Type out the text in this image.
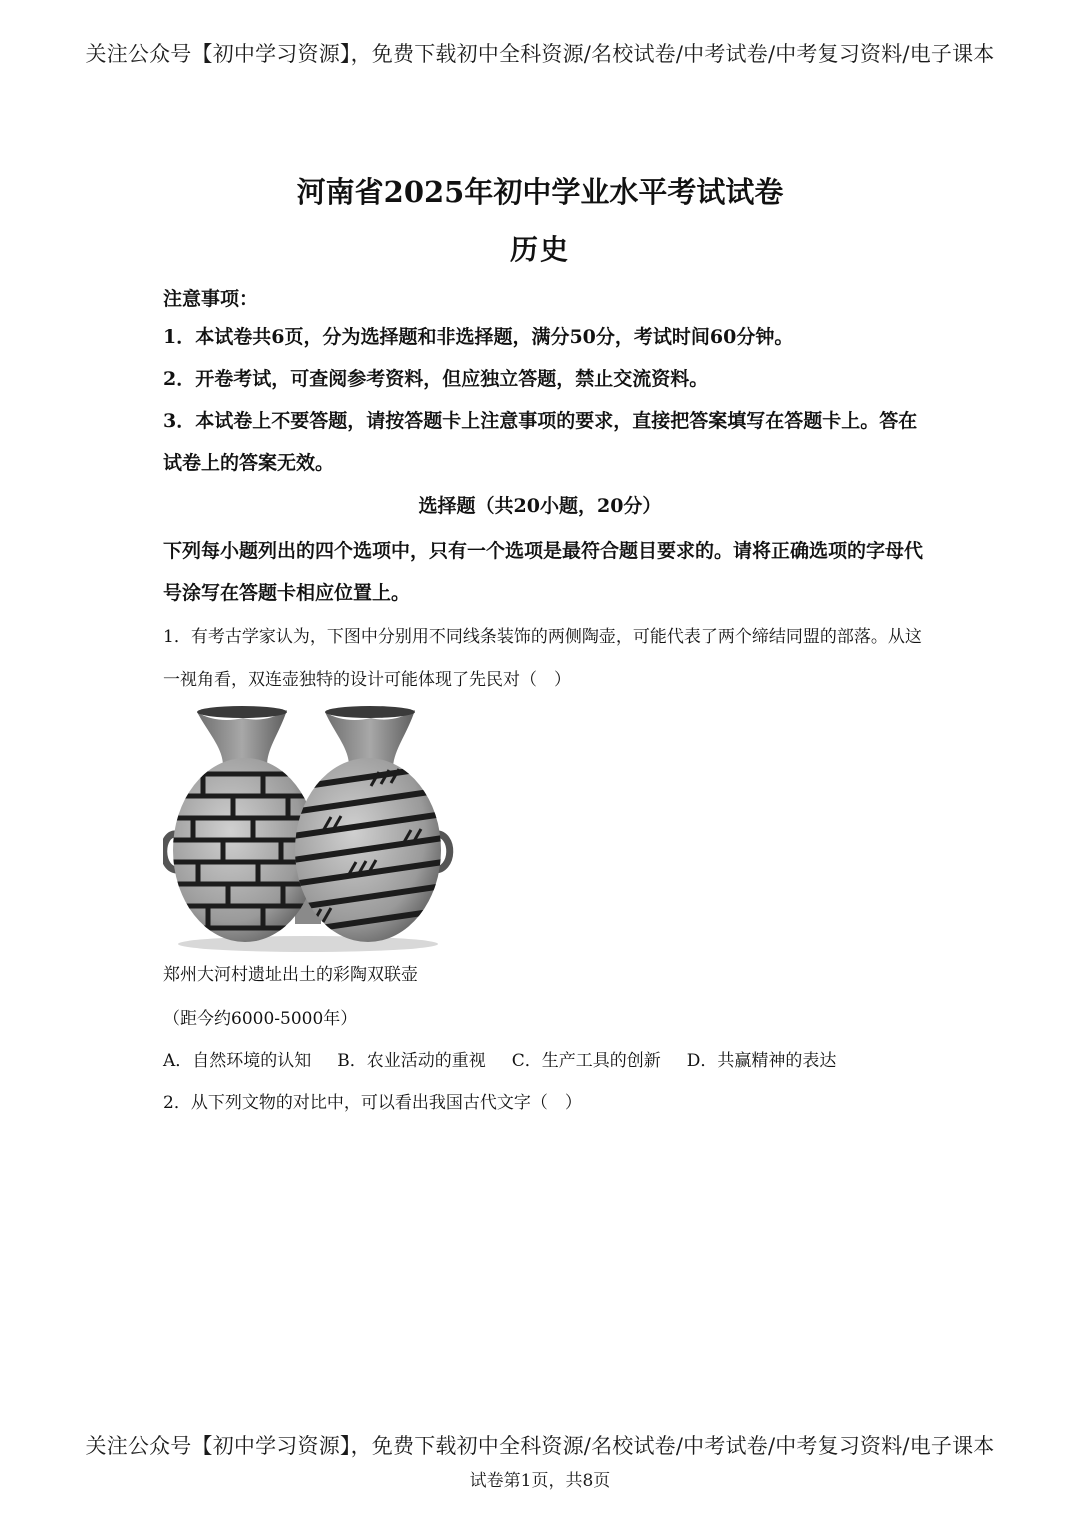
关注公众号【初中学习资源】，免费下载初中全科资源/名校试卷/中考试卷/中考复习资料/电子课本
河南省2025年初中学业水平考试试卷
历史
注意事项：
1．本试卷共6页，分为选择题和非选择题，满分50分，考试时间60分钟。
2．开卷考试，可查阅参考资料，但应独立答题，禁止交流资料。
3．本试卷上不要答题，请按答题卡上注意事项的要求，直接把答案填写在答题卡上。答在试卷上的答案无效。
选择题（共20小题，20分）
下列每小题列出的四个选项中，只有一个选项是最符合题目要求的。请将正确选项的字母代号涂写在答题卡相应位置上。
1．有考古学家认为，下图中分别用不同线条装饰的两侧陶壶，可能代表了两个缔结同盟的部落。从这一视角看，双连壶独特的设计可能体现了先民对（　）
郑州大河村遗址出土的彩陶双联壶
（距今约6000-5000年）
A．自然环境的认知 B．农业活动的重视 C．生产工具的创新 D．共赢精神的表达
2．从下列文物的对比中，可以看出我国古代文字（　）
关注公众号【初中学习资源】，免费下载初中全科资源/名校试卷/中考试卷/中考复习资料/电子课本
试卷第1页，共8页
